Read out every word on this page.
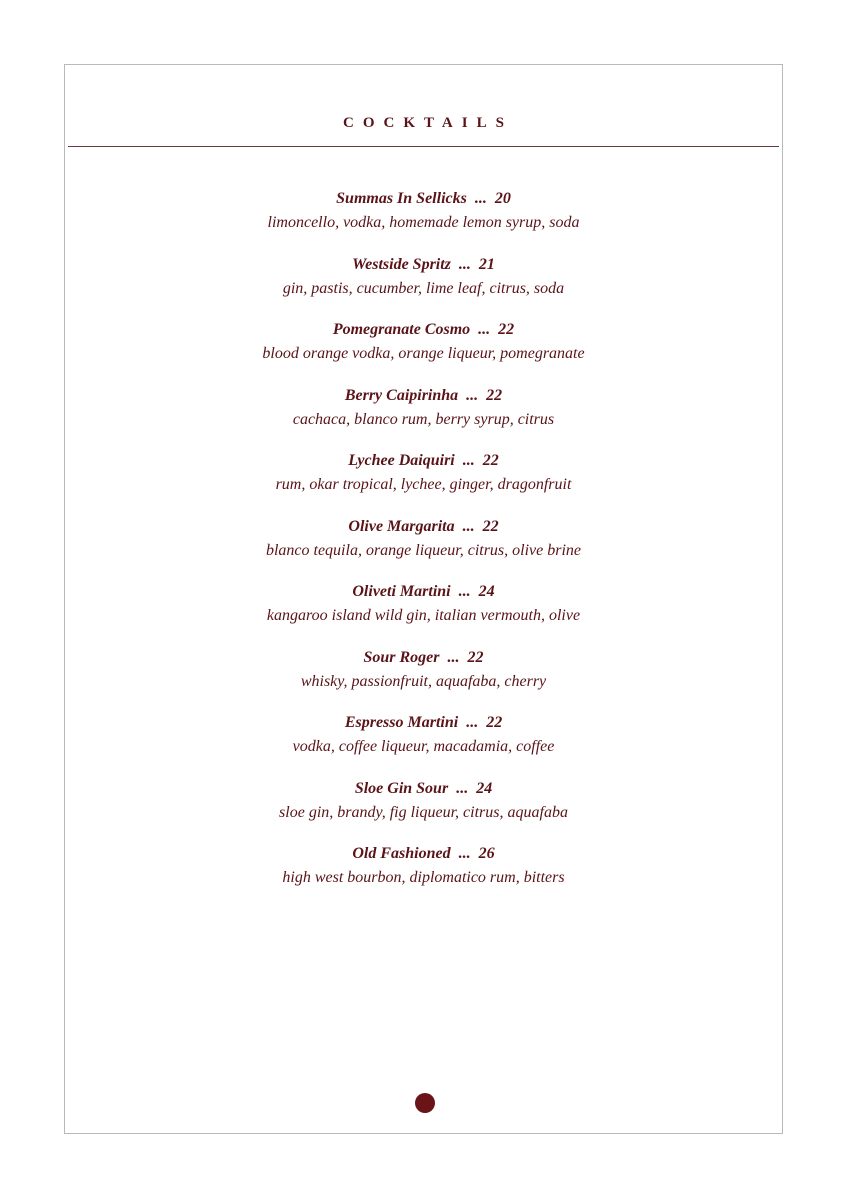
COCKTAILS
Summas In Sellicks ... 20
limoncello, vodka, homemade lemon syrup, soda
Westside Spritz ... 21
gin, pastis, cucumber, lime leaf, citrus, soda
Pomegranate Cosmo ... 22
blood orange vodka, orange liqueur, pomegranate
Berry Caipirinha ... 22
cachaca, blanco rum, berry syrup, citrus
Lychee Daiquiri ... 22
rum, okar tropical, lychee, ginger, dragonfruit
Olive Margarita ... 22
blanco tequila, orange liqueur, citrus, olive brine
Oliveti Martini ... 24
kangaroo island wild gin, italian vermouth, olive
Sour Roger ... 22
whisky, passionfruit, aquafaba, cherry
Espresso Martini ... 22
vodka, coffee liqueur, macadamia, coffee
Sloe Gin Sour ... 24
sloe gin, brandy, fig liqueur, citrus, aquafaba
Old Fashioned ... 26
high west bourbon, diplomatico rum, bitters
